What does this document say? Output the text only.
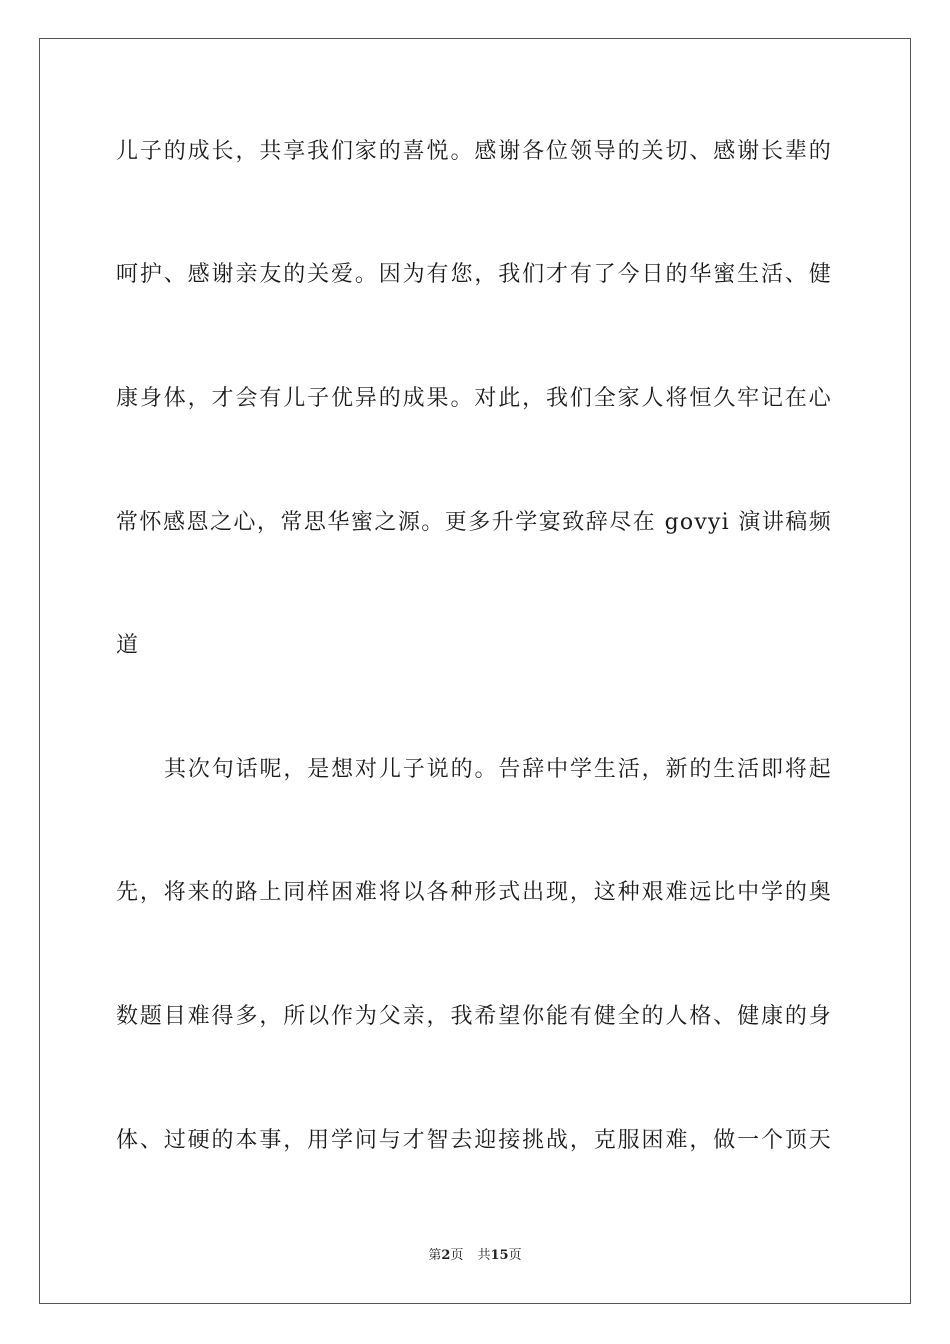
儿子的成长，共享我们家的喜悦。感谢各位领导的关切、感谢长辈的
呵护、感谢亲友的关爱。因为有您，我们才有了今日的华蜜生活、健
康身体，才会有儿子优异的成果。对此，我们全家人将恒久牢记在心
常怀感恩之心，常思华蜜之源。更多升学宴致辞尽在 govyi 演讲稿频
道
其次句话呢，是想对儿子说的。告辞中学生活，新的生活即将起
先，将来的路上同样困难将以各种形式出现，这种艰难远比中学的奥
数题目难得多，所以作为父亲，我希望你能有健全的人格、健康的身
体、过硬的本事，用学问与才智去迎接挑战，克服困难，做一个顶天
第2页 共15页
